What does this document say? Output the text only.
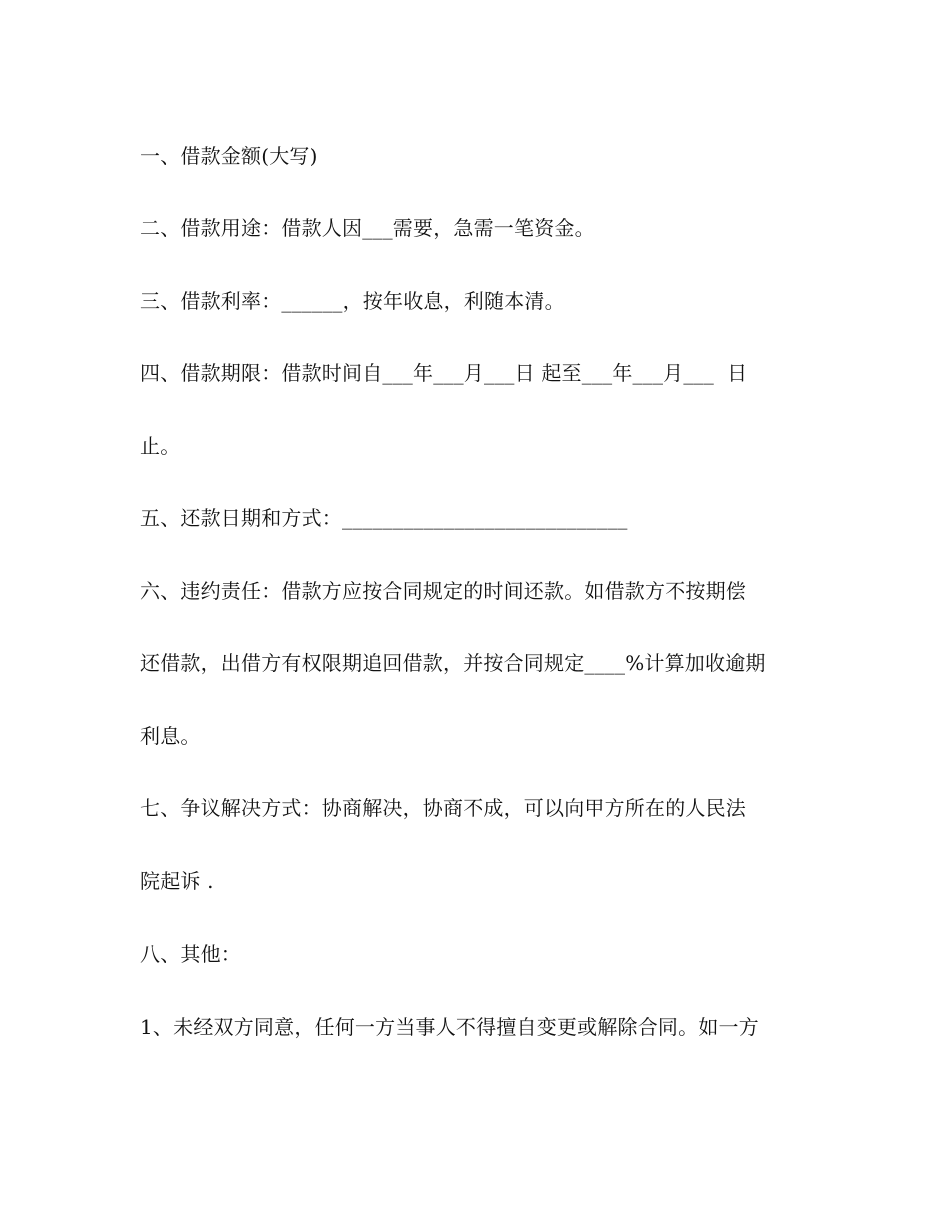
一、借款金额(大写)
二、借款用途：借款人因___需要，急需一笔资金。
三、借款利率：______，按年收息，利随本清。
四、借款期限：借款时间自___年___月___日 起至___年___月___  日
止。
五、还款日期和方式：____________________________
六、违约责任：借款方应按合同规定的时间还款。如借款方不按期偿
还借款，出借方有权限期追回借款，并按合同规定____%计算加收逾期
利息。
七、争议解决方式：协商解决，协商不成，可以向甲方所在的人民法
院起诉 .
八、其他：
1、未经双方同意，任何一方当事人不得擅自变更或解除合同。如一方
